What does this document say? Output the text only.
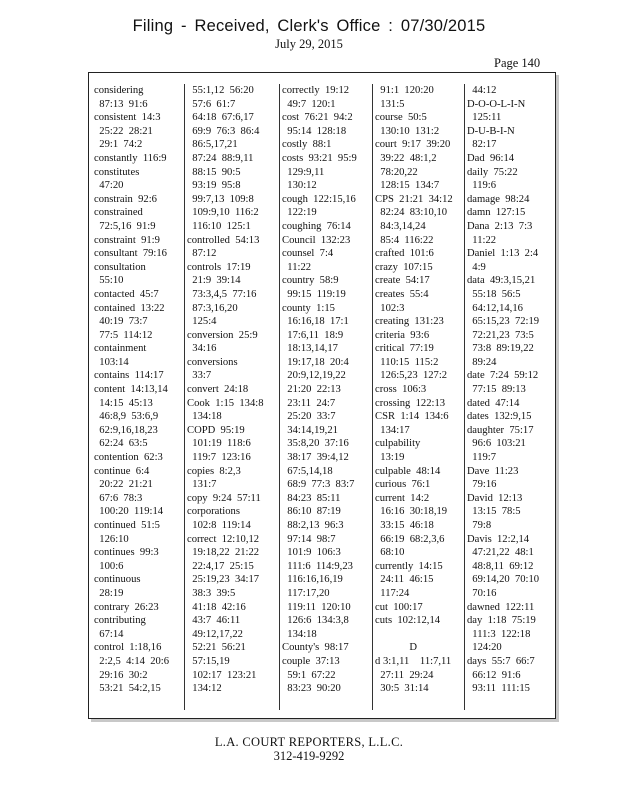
Filing - Received, Clerk's Office : 07/30/2015
July 29, 2015
Page 140
considering
87:13  91:6
consistent  14:3
25:22  28:21
29:1  74:2
constantly  116:9
constitutes
47:20
constrain  92:6
constrained
72:5,16  91:9
constraint  91:9
consultant  79:16
consultation
55:10
contacted  45:7
contained  13:22
40:19  73:7
77:5  114:12
containment
103:14
contains  114:17
content  14:13,14
14:15  45:13
46:8,9  53:6,9
62:9,16,18,23
62:24  63:5
contention  62:3
continue  6:4
20:22  21:21
67:6  78:3
100:20  119:14
continued  51:5
126:10
continues  99:3
100:6
continuous
28:19
contrary  26:23
contributing
67:14
control  1:18,16
2:2,5  4:14  20:6
29:16  30:2
53:21  54:2,15
55:1,12  56:20
57:6  61:7
64:18  67:6,17
69:9  76:3  86:4
86:5,17,21
87:24  88:9,11
88:15  90:5
93:19  95:8
99:7,13  109:8
109:9,10  116:2
116:10  125:1
controlled  54:13
87:12
controls  17:19
21:9  39:14
73:3,4,5  77:16
87:3,16,20
125:4
conversion  25:9
34:16
conversions
33:7
convert  24:18
Cook  1:15  134:8
134:18
COPD  95:19
101:19  118:6
119:7  123:16
copies  8:2,3
131:7
copy  9:24  57:11
corporations
102:8  119:14
correct  12:10,12
19:18,22  21:22
22:4,17  25:15
25:19,23  34:17
38:3  39:5
41:18  42:16
43:7  46:11
49:12,17,22
52:21  56:21
57:15,19
102:17  123:21
134:12
correctly  19:12
49:7  120:1
cost  76:21  94:2
95:14  128:18
costly  88:1
costs  93:21  95:9
129:9,11
130:12
cough  122:15,16
122:19
coughing  76:14
Council  132:23
counsel  7:4
11:22
country  58:9
99:15  119:19
county  1:15
16:16,18  17:1
17:6,11  18:9
18:13,14,17
19:17,18  20:4
20:9,12,19,22
21:20  22:13
23:11  24:7
25:20  33:7
34:14,19,21
35:8,20  37:16
38:17  39:4,12
67:5,14,18
68:9  77:3  83:7
84:23  85:11
86:10  87:19
88:2,13  96:3
97:14  98:7
101:9  106:3
111:6  114:9,23
116:16,16,19
117:17,20
119:11  120:10
126:6  134:3,8
134:18
County's  98:17
couple  37:13
59:1  67:22
83:23  90:20
91:1  120:20
131:5
course  50:5
130:10  131:2
court  9:17  39:20
39:22  48:1,2
78:20,22
128:15  134:7
CPS  21:21  34:12
82:24  83:10,10
84:3,14,24
85:4  116:22
crafted  101:6
crazy  107:15
create  54:17
creates  55:4
102:3
creating  131:23
criteria  93:6
critical  77:19
110:15  115:2
126:5,23  127:2
cross  106:3
crossing  122:13
CSR  1:14  134:6
134:17
culpability
13:19
culpable  48:14
curious  76:1
current  14:2
16:16  30:18,19
33:15  46:18
66:19  68:2,3,6
68:10
currently  14:15
24:11  46:15
117:24
cut  100:17
cuts  102:12,14
D
d 3:1,11    11:7,11
27:11  29:24
30:5  31:14
44:12
D-O-O-L-I-N
125:11
D-U-B-I-N
82:17
Dad  96:14
daily  75:22
119:6
damage  98:24
damn  127:15
Dana  2:13  7:3
11:22
Daniel  1:13  2:4
4:9
data  49:3,15,21
55:18  56:5
64:12,14,16
65:15,23  72:19
72:21,23  73:5
73:8  89:19,22
89:24
date  7:24  59:12
77:15  89:13
dated  47:14
dates  132:9,15
daughter  75:17
96:6  103:21
119:7
Dave  11:23
79:16
David  12:13
13:15  78:5
79:8
Davis  12:2,14
47:21,22  48:1
48:8,11  69:12
69:14,20  70:10
70:16
dawned  122:11
day  1:18  75:19
111:3  122:18
124:20
days  55:7  66:7
66:12  91:6
93:11  111:15
L.A. COURT REPORTERS, L.L.C.
312-419-9292
